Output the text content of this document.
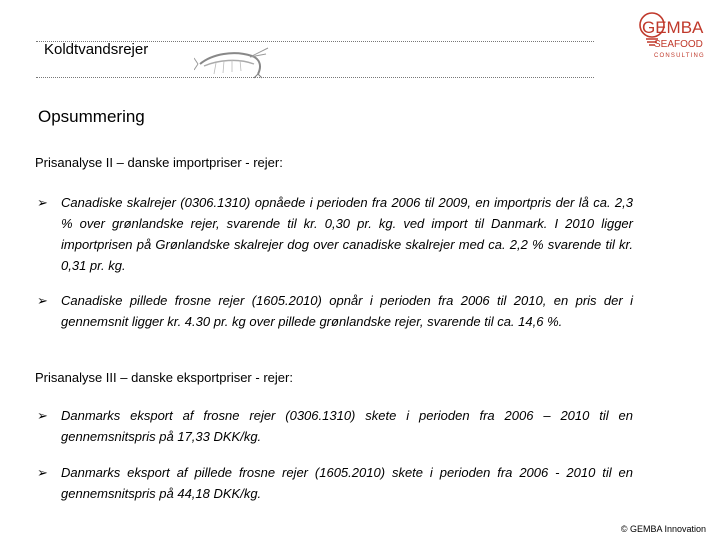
Koldtvandsrejer
GEMBA
SEAFOOD
CONSULTING
Opsummering
Prisanalyse II – danske importpriser - rejer:
➢	Canadiske skalrejer (0306.1310) opnåede i perioden fra 2006 til 2009, en importpris der lå ca. 2,3 % over grønlandske rejer, svarende til kr. 0,30 pr. kg. ved import til Danmark. I 2010 ligger importprisen på Grønlandske skalrejer dog over canadiske skalrejer med ca. 2,2 % svarende til kr. 0,31 pr. kg.
➢	Canadiske pillede frosne rejer (1605.2010) opnår i perioden fra 2006 til 2010, en pris der i gennemsnit ligger kr. 4.30 pr. kg over pillede grønlandske rejer, svarende til ca. 14,6 %.
Prisanalyse III – danske eksportpriser - rejer:
➢	Danmarks eksport af frosne rejer (0306.1310) skete i perioden fra 2006 – 2010 til en gennemsnitspris på 17,33 DKK/kg.
➢	Danmarks eksport af pillede frosne rejer (1605.2010) skete i perioden fra 2006 - 2010 til en gennemsnitspris på 44,18 DKK/kg.
© GEMBA Innovation
